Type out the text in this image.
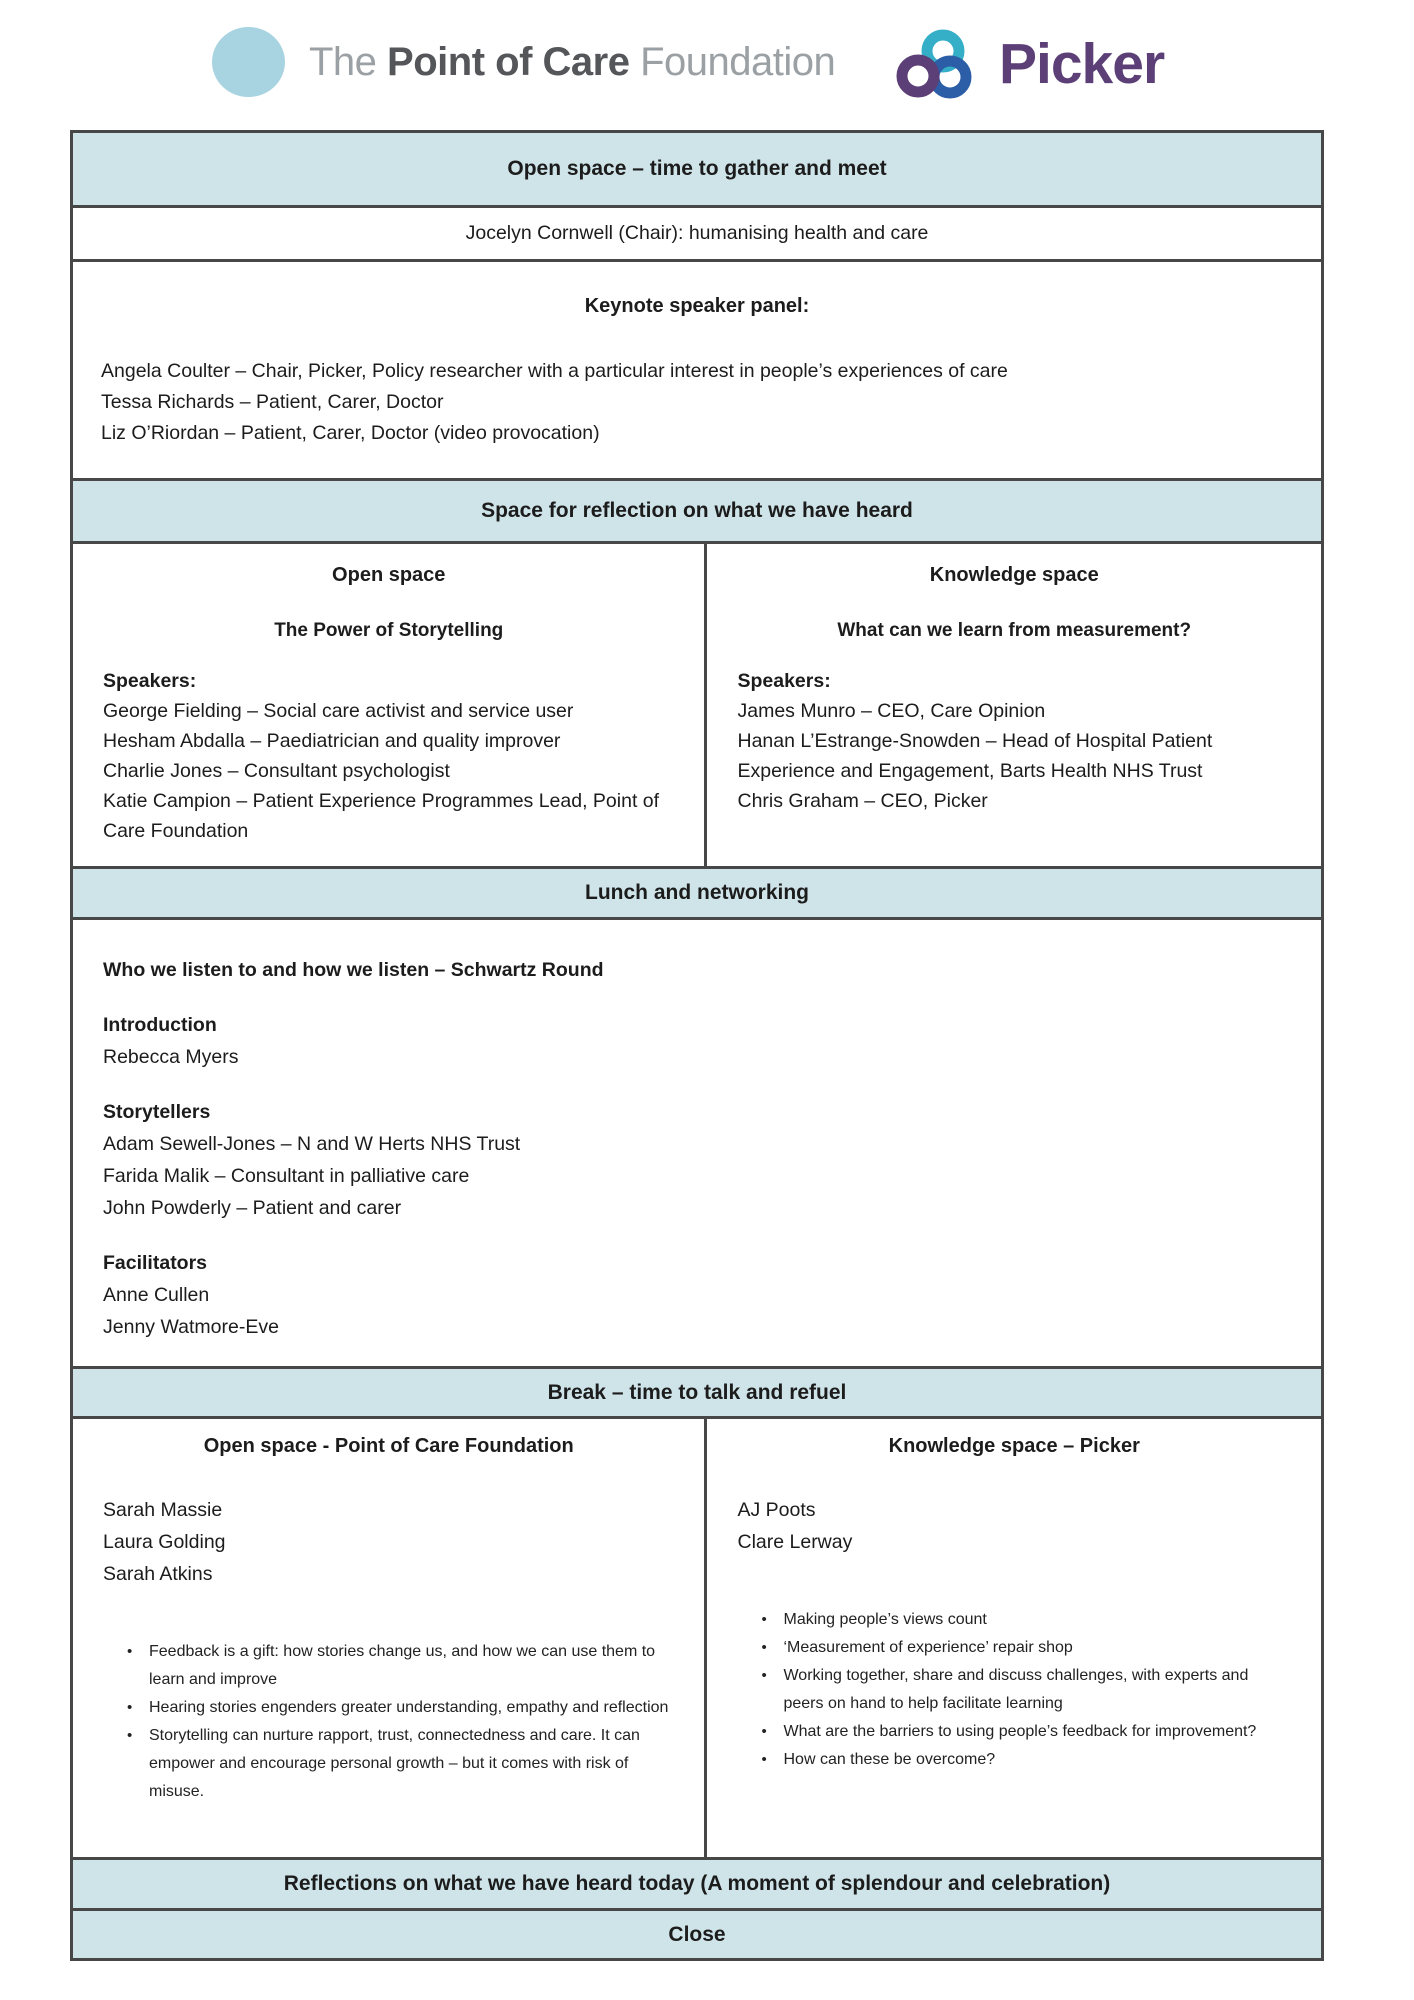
The Point of Care Foundation	Picker
Open space – time to gather and meet
Jocelyn Cornwell (Chair): humanising health and care
Keynote speaker panel:

Angela Coulter – Chair, Picker, Policy researcher with a particular interest in people’s experiences of care

Tessa Richards – Patient, Carer, Doctor

Liz O’Riordan – Patient, Carer, Doctor (video provocation)

Space for reflection on what we have heard
Open space
The Power of Storytelling

Speakers:

George Fielding – Social care activist and service user

Hesham Abdalla – Paediatrician and quality improver

Charlie Jones – Consultant psychologist

Katie Campion – Patient Experience Programmes Lead, Point of Care Foundation

Knowledge space
What can we learn from measurement?

Speakers:

James Munro – CEO, Care Opinion

Hanan L’Estrange-Snowden – Head of Hospital Patient Experience and Engagement, Barts Health NHS Trust

Chris Graham – CEO, Picker

Lunch and networking

Who we listen to and how we listen – Schwartz Round

Introduction

Rebecca Myers

Storytellers

Adam Sewell-Jones – N and W Herts NHS Trust

Farida Malik – Consultant in palliative care

John Powderly – Patient and carer

Facilitators

Anne Cullen

Jenny Watmore-Eve

Break – time to talk and refuel
Open space - Point of Care Foundation

Sarah Massie

Laura Golding

Sarah Atkins

• Feedback is a gift: how stories change us, and how we can use them to learn and improve
• Hearing stories engenders greater understanding, empathy and reflection
• Storytelling can nurture rapport, trust, connectedness and care. It can empower and encourage personal growth – but it comes with risk of misuse.
Knowledge space – Picker

AJ Poots

Clare Lerway

• Making people’s views count
• ‘Measurement of experience’ repair shop
• Working together, share and discuss challenges, with experts and peers on hand to help facilitate learning
• What are the barriers to using people’s feedback for improvement?
• How can these be overcome?
Reflections on what we have heard today (A moment of splendour and celebration)
Close
